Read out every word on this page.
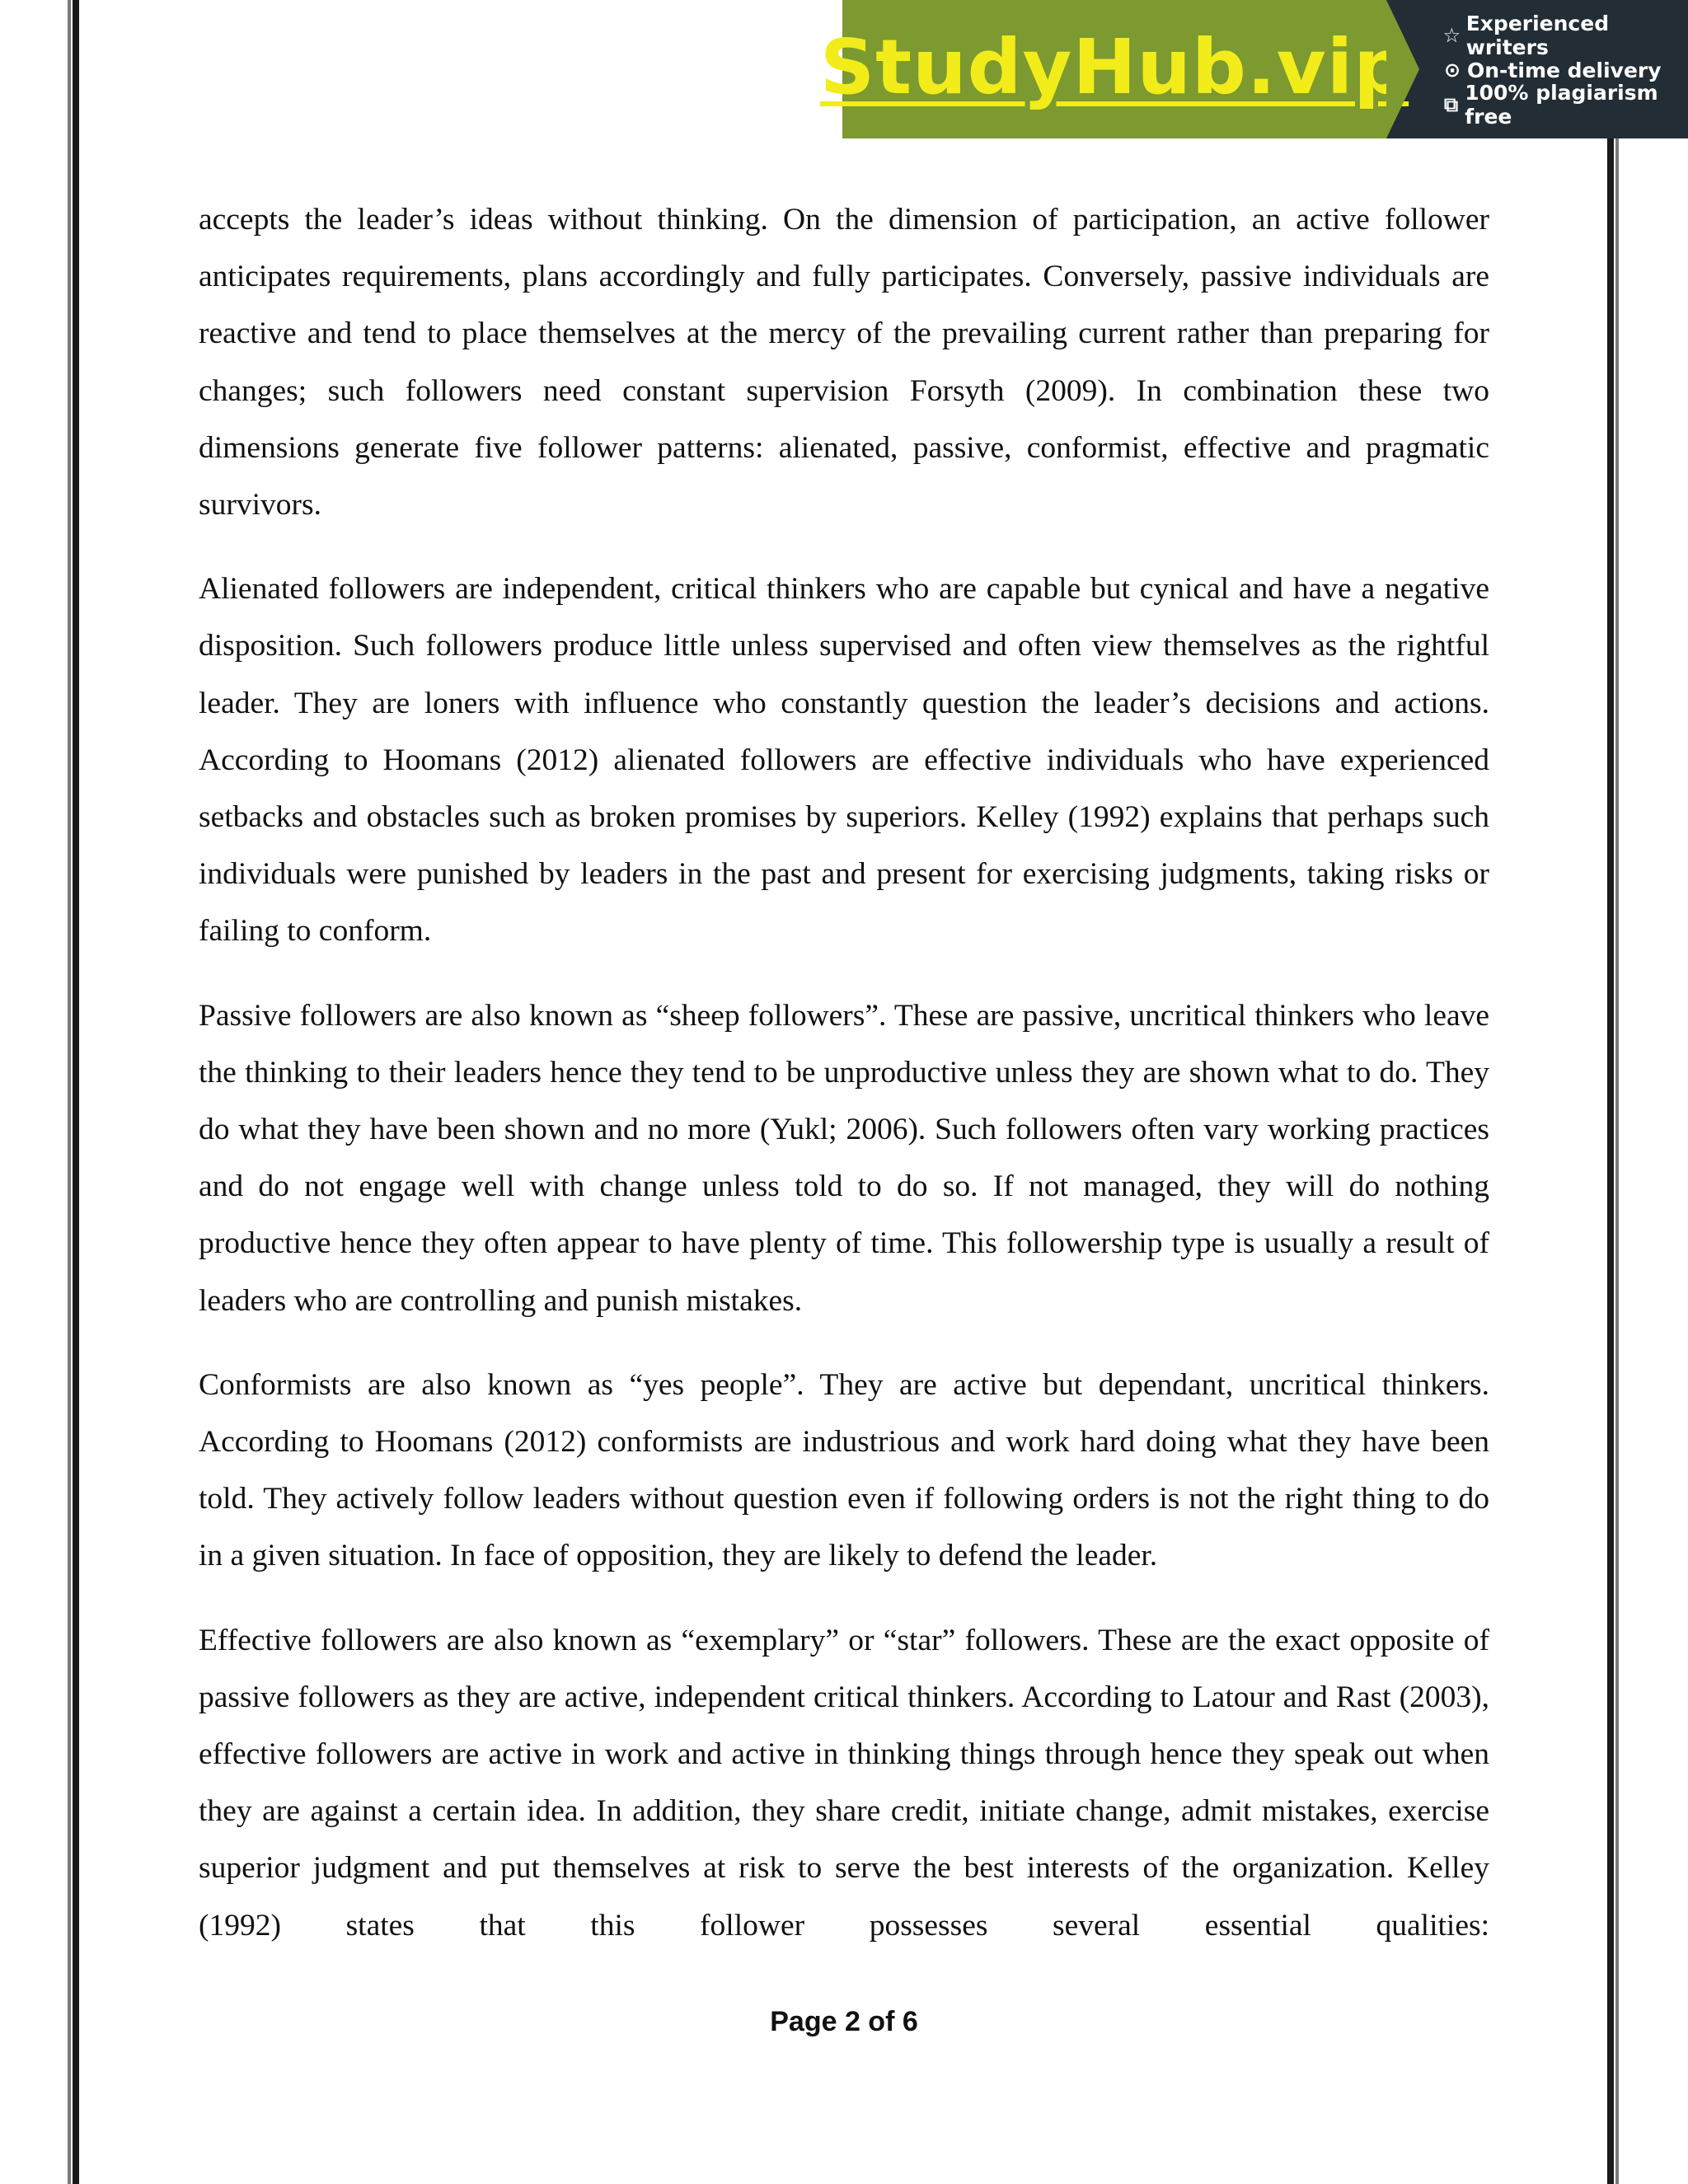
StudyHub.vip ☆ Experienced writers
⊙ On-time delivery
⧉ 100% plagiarism free

accepts the leader’s ideas without thinking. On the dimension of participation, an active follower anticipates requirements, plans accordingly and fully participates. Conversely, passive individuals are reactive and tend to place themselves at the mercy of the prevailing current rather than preparing for changes; such followers need constant supervision Forsyth (2009). In combination these two dimensions generate five follower patterns: alienated, passive, conformist, effective and pragmatic survivors.

Alienated followers are independent, critical thinkers who are capable but cynical and have a negative disposition. Such followers produce little unless supervised and often view themselves as the rightful leader. They are loners with influence who constantly question the leader’s decisions and actions. According to Hoomans (2012) alienated followers are effective individuals who have experienced setbacks and obstacles such as broken promises by superiors. Kelley (1992) explains that perhaps such individuals were punished by leaders in the past and present for exercising judgments, taking risks or failing to conform.

Passive followers are also known as “sheep followers”. These are passive, uncritical thinkers who leave the thinking to their leaders hence they tend to be unproductive unless they are shown what to do. They do what they have been shown and no more (Yukl; 2006). Such followers often vary working practices and do not engage well with change unless told to do so. If not managed, they will do nothing productive hence they often appear to have plenty of time. This followership type is usually a result of leaders who are controlling and punish mistakes.

Conformists are also known as “yes people”. They are active but dependant, uncritical thinkers. According to Hoomans (2012) conformists are industrious and work hard doing what they have been told. They actively follow leaders without question even if following orders is not the right thing to do in a given situation. In face of opposition, they are likely to defend the leader.

Effective followers are also known as “exemplary” or “star” followers. These are the exact opposite of passive followers as they are active, independent critical thinkers. According to Latour and Rast (2003), effective followers are active in work and active in thinking things through hence they speak out when they are against a certain idea. In addition, they share credit, initiate change, admit mistakes, exercise superior judgment and put themselves at risk to serve the best interests of the organization. Kelley (1992) states that this follower possesses several essential qualities:

Page 2 of 6
